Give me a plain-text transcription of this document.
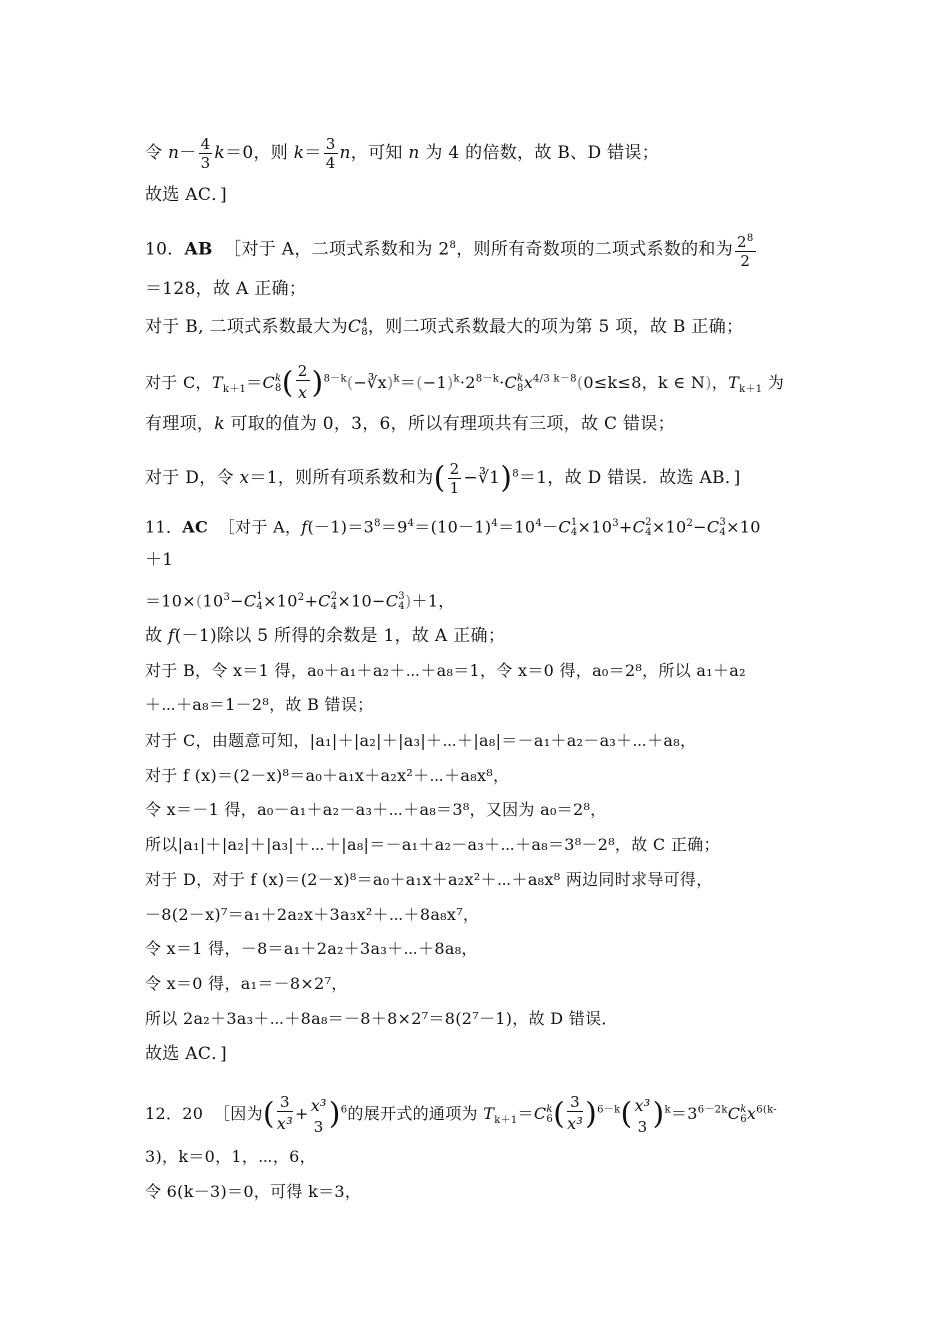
令 $n- \frac{4}{3} k=0$，则 $k= \frac{3}{4}$ n，可知 n 为 4 的倍数，故 B、D 错误；
故选 AC．]
10．AB ［对于 A，二项式系数和为 $2^8$，则所有奇数项的二项式系数的和为 $\frac{2^8}{2}$
＝128，故 A 正确；
对于 B, 二项式系数最大为C 4
8 ，则二项式系数最大的项为第 5 项，故 B 正确；
对于 C，$T_{k+1}=C$ k
8 ( $\frac{2}{x})^{8-k}(-∛x)^k=(-1)^k\cdot 2^{8-k}\cdot C$ k
8 $x^{4/3 k-8}(0\le k\le 8$，k ∈ N)，$T_{k+1}$ 为
有理项，k 可取的值为 0，3，6，所以有理项共有三项，故 C 错误；
对于 D，令 x＝1，则所有项系数和为( $\frac{2}{1}$ −∛1)$^8$＝1，故 D 错误．故选 AB．]
11．AC ［对于 A，$f(-1)=3^8=9^4=(10-1)^4=10^4-C$ 1
$4 \times 10^3+C$ 2
$4 \times 10^2-C$ 3
4 ×10
＋1
$=10\times(10^3-C$ 1
$4 \times 10^2+C$ 2
4 ×10−C 3
4 )＋1，
故 f(－1)除以 5 所得的余数是 1，故 A 正确；
对于 B，令 x＝1 得，a₀＋a₁＋a₂＋⋯＋a₈＝1，令 x＝0 得，a₀＝2⁸，所以 a₁＋a₂
＋⋯＋a₈＝1－2⁸，故 B 错误；
对于 C，由题意可知，|a₁|＋|a₂|＋|a₃|＋⋯＋|a₈|＝－a₁＋a₂－a₃＋⋯＋a₈，
对于 f (x)＝(2－x)⁸＝a₀＋a₁x＋a₂x²＋⋯＋a₈x⁸，
令 x＝－1 得，a₀－a₁＋a₂－a₃＋⋯＋a₈＝3⁸，又因为 a₀＝2⁸，
所以|a₁|＋|a₂|＋|a₃|＋⋯＋|a₈|＝－a₁＋a₂－a₃＋⋯＋a₈＝3⁸－2⁸，故 C 正确；
对于 D，对于 f (x)＝(2－x)⁸＝a₀＋a₁x＋a₂x²＋⋯＋a₈x⁸ 两边同时求导可得，
－8(2－x)⁷＝a₁＋2a₂x＋3a₃x²＋⋯＋8a₈x⁷，
令 x＝1 得，－8＝a₁＋2a₂＋3a₃＋⋯＋8a₈，
令 x＝0 得，a₁＝－8×2⁷，
所以 2a₂＋3a₃＋⋯＋8a₈＝－8＋8×2⁷＝8(2⁷－1)，故 D 错误．
故选 AC．]
12．20 ［因为( $\frac{3}{\text{x³}} + x^3$
3 )$^6$的展开式的通项为 $T_{k+1}=C$ k
6 ( $\frac{3}{\text{x³}})^{6-k}$( x³
3 )$^k=3^{6-2k}C$ k
6 $x^{6(k-}$
3)，k＝0，1，⋯，6，
令 6(k－3)＝0，可得 k＝3，
